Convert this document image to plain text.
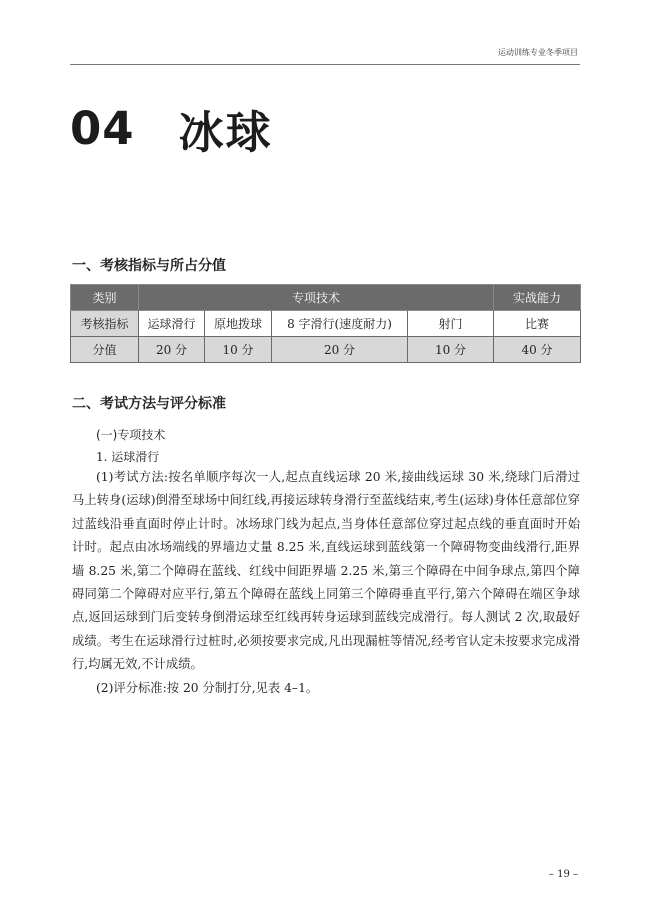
运动训练专业冬季项目
04 冰球
一、考核指标与所占分值
类别	专项技术				实战能力
考核指标	运球滑行	原地拨球	8 字滑行(速度耐力)	射门	比赛
分值	20 分	10 分	20 分	10 分	40 分
二、考试方法与评分标准
(一)专项技术
1. 运球滑行

(1)考试方法:按名单顺序每次一人,起点直线运球 20 米,接曲线运球 30 米,绕球门后滑过马上转身(运球)倒滑至球场中间红线,再接运球转身滑行至蓝线结束,考生(运球)身体任意部位穿过蓝线沿垂直面时停止计时。冰场球门线为起点,当身体任意部位穿过起点线的垂直面时开始计时。起点由冰场端线的界墙边丈量 8.25 米,直线运球到蓝线第一个障碍物变曲线滑行,距界墙 8.25 米,第二个障碍在蓝线、红线中间距界墙 2.25 米,第三个障碍在中间争球点,第四个障碍同第二个障碍对应平行,第五个障碍在蓝线上同第三个障碍垂直平行,第六个障碍在端区争球点,返回运球到门后变转身倒滑运球至红线再转身运球到蓝线完成滑行。每人测试 2 次,取最好成绩。考生在运球滑行过桩时,必须按要求完成,凡出现漏桩等情况,经考官认定未按要求完成滑行,均属无效,不计成绩。

(2)评分标准:按 20 分制打分,见表 4–1。

– 19 –
